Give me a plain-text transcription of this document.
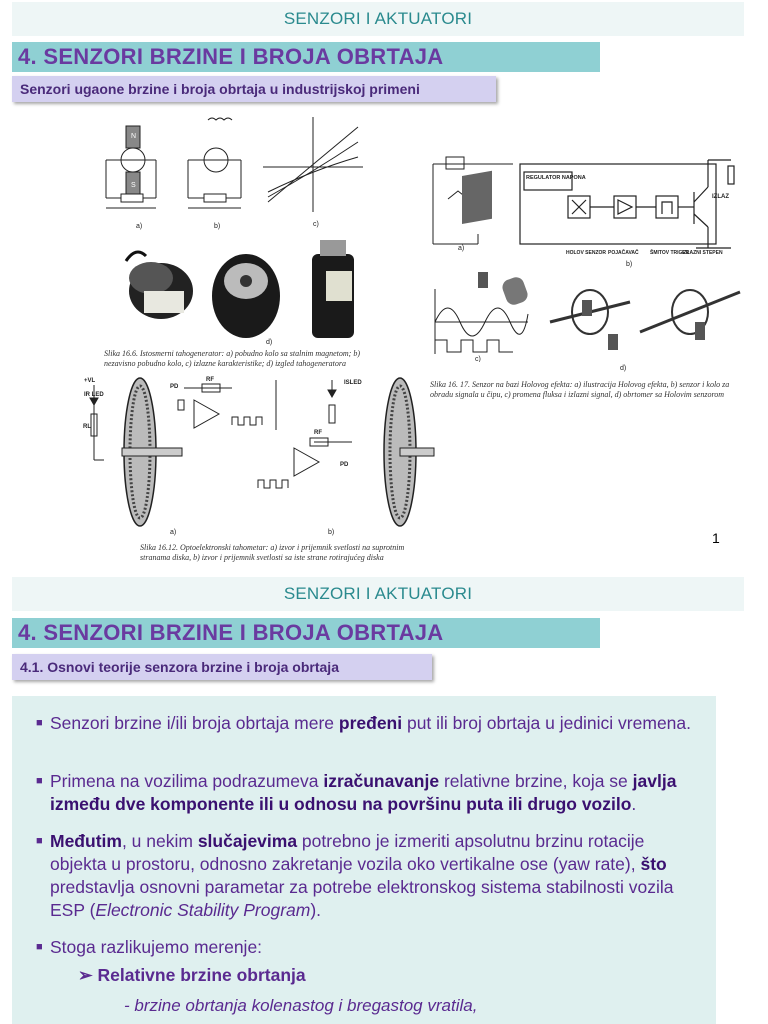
SENZORI I AKTUATORI
4. SENZORI BRZINE I BROJA OBRTAJA
Senzori ugaone brzine i broja obrtaja u industrijskoj primeni
N
S
a)	b)	c)
d)
Slika 16.6. Istosmerni tahogenerator: a) pobudno kolo sa stalnim magnetom; b) nezavisno pobudno kolo, c) izlazne karakteristike; d) izgled tahogeneratora
a)
REGULATOR NAPONA
IZLAZ
HOLOV SENZOR POJAČAVAČ ŠMITOV TRIGER
IZLAZNI STEPEN
b)
c)
d)
Slika 16. 17. Senzor na bazi Holovog efekta: a) ilustracija Holovog efekta, b) senzor i kolo za obradu signala u čipu, c) promena fluksa i izlazni signal, d) obrtomer sa Holovim senzorom
+VL
IR LED
PD
RF
RL
ISLED
RF
PD
a)	b)
Slika 16.12. Optoelektronski tahometar: a) izvor i prijemnik svetlosti na suprotnim stranama diska, b) izvor i prijemnik svetlosti sa iste strane rotirajućeg diska
1
SENZORI I AKTUATORI
4. SENZORI BRZINE I BROJA OBRTAJA
4.1. Osnovi teorije senzora brzine i broja obrtaja
■ Senzori brzine i/ili broja obrtaja mere pređeni put ili broj obrtaja u jedinici vremena.
■ Primena na vozilima podrazumeva izračunavanje relativne brzine, koja se javlja između dve komponente ili u odnosu na površinu puta ili drugo vozilo.
■ Međutim, u nekim slučajevima potrebno je izmeriti apsolutnu brzinu rotacije objekta u prostoru, odnosno zakretanje vozila oko vertikalne ose (yaw rate), što predstavlja osnovni parametar za potrebe elektronskog sistema stabilnosti vozila ESP (Electronic Stability Program).
■ Stoga razlikujemo merenje:
➢ Relativne brzine obrtanja
- brzine obrtanja kolenastog i bregastog vratila,
